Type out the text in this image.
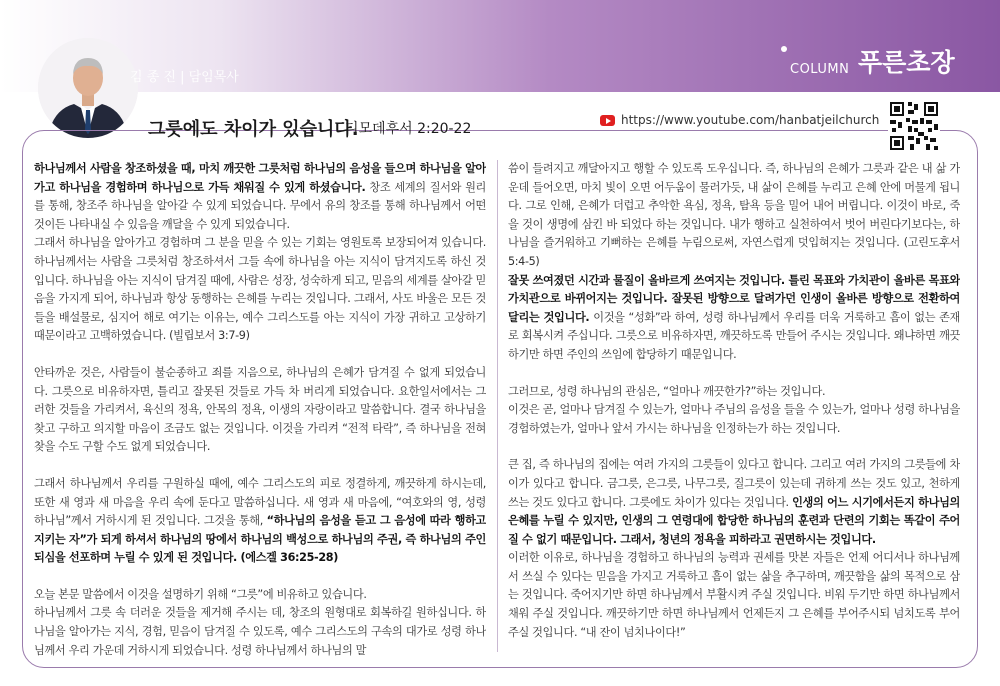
김 종 진 | 담임목사
COLUMN 푸른초장
그릇에도 차이가 있습니다.
디모데후서 2:20-22
https://www.youtube.com/hanbatjeilchurch

하나님께서 사람을 창조하셨을 때, 마치 깨끗한 그릇처럼 하나님의 음성을 들으며 하나님을 알아가고 하나님을 경험하며 하나님으로 가득 채워질 수 있게 하셨습니다. 창조 세계의 질서와 원리를 통해, 창조주 하나님을 알아갈 수 있게 되었습니다. 무에서 유의 창조를 통해 하나님께서 어떤 것이든 나타내실 수 있음을 깨달을 수 있게 되었습니다.

그래서 하나님을 알아가고 경험하며 그 분을 믿을 수 있는 기회는 영원토록 보장되어져 있습니다. 하나님께서는 사람을 그릇처럼 창조하셔서 그들 속에 하나님을 아는 지식이 담겨지도록 하신 것입니다. 하나님을 아는 지식이 담겨질 때에, 사람은 성장, 성숙하게 되고, 믿음의 세계를 살아갈 믿음을 가지게 되어, 하나님과 항상 동행하는 은혜를 누리는 것입니다. 그래서, 사도 바울은 모든 것들을 배설물로, 심지어 해로 여기는 이유는, 예수 그리스도를 아는 지식이 가장 귀하고 고상하기 때문이라고 고백하였습니다. (빌립보서 3:7-9)

안타까운 것은, 사람들이 불순종하고 죄를 지음으로, 하나님의 은혜가 담겨질 수 없게 되었습니다. 그릇으로 비유하자면, 틀리고 잘못된 것들로 가득 차 버리게 되었습니다. 요한일서에서는 그러한 것들을 가리켜서, 육신의 정욕, 안목의 정욕, 이생의 자랑이라고 말씀합니다. 결국 하나님을 찾고 구하고 의지할 마음이 조금도 없는 것입니다. 이것을 가리켜 “전적 타락”, 즉 하나님을 전혀 찾을 수도 구할 수도 없게 되었습니다.

그래서 하나님께서 우리를 구원하실 때에, 예수 그리스도의 피로 정결하게, 깨끗하게 하시는데, 또한 새 영과 새 마음을 우리 속에 둔다고 말씀하십니다. 새 영과 새 마음에, “여호와의 영, 성령 하나님”께서 거하시게 된 것입니다. 그것을 통해, “하나님의 음성을 듣고 그 음성에 따라 행하고 지키는 자”가 되게 하셔서 하나님의 땅에서 하나님의 백성으로 하나님의 주권, 즉 하나님의 주인 되심을 선포하며 누릴 수 있게 된 것입니다. (에스겔 36:25-28)

오늘 본문 말씀에서 이것을 설명하기 위해 “그릇”에 비유하고 있습니다.

하나님께서 그릇 속 더러운 것들을 제거해 주시는 데, 창조의 원형대로 회복하길 원하십니다. 하나님을 알아가는 지식, 경험, 믿음이 담겨질 수 있도록, 예수 그리스도의 구속의 대가로 성령 하나님께서 우리 가운데 거하시게 되었습니다. 성령 하나님께서 하나님의 말

씀이 들려지고 깨달아지고 행할 수 있도록 도우십니다. 즉, 하나님의 은혜가 그릇과 같은 내 삶 가운데 들어오면, 마치 빛이 오면 어두움이 물러가듯, 내 삶이 은혜를 누리고 은혜 안에 머물게 됩니다. 그로 인해, 은혜가 더럽고 추악한 욕심, 정욕, 탐욕 등을 밀어 내어 버립니다. 이것이 바로, 죽을 것이 생명에 삼킨 바 되었다 하는 것입니다. 내가 행하고 실천하여서 벗어 버린다기보다는, 하나님을 즐거워하고 기뻐하는 은혜를 누림으로써, 자연스럽게 덧입혀지는 것입니다. (고린도후서 5:4-5)

잘못 쓰여졌던 시간과 물질이 올바르게 쓰여지는 것입니다. 틀린 목표와 가치관이 올바른 목표와 가치관으로 바뀌어지는 것입니다. 잘못된 방향으로 달려가던 인생이 올바른 방향으로 전환하여 달리는 것입니다. 이것을 “성화”라 하여, 성령 하나님께서 우리를 더욱 거룩하고 흠이 없는 존재로 회복시켜 주십니다. 그릇으로 비유하자면, 깨끗하도록 만들어 주시는 것입니다. 왜냐하면 깨끗하기만 하면 주인의 쓰임에 합당하기 때문입니다.

그러므로, 성령 하나님의 관심은, “얼마나 깨끗한가?”하는 것입니다.

이것은 곧, 얼마나 담겨질 수 있는가, 얼마나 주님의 음성을 들을 수 있는가, 얼마나 성령 하나님을 경험하였는가, 얼마나 앞서 가시는 하나님을 인정하는가 하는 것입니다.

큰 집, 즉 하나님의 집에는 여러 가지의 그릇들이 있다고 합니다. 그리고 여러 가지의 그릇들에 차이가 있다고 합니다. 금그릇, 은그릇, 나무그릇, 질그릇이 있는데 귀하게 쓰는 것도 있고, 천하게 쓰는 것도 있다고 합니다. 그릇에도 차이가 있다는 것입니다. 인생의 어느 시기에서든지 하나님의 은혜를 누릴 수 있지만, 인생의 그 연령대에 합당한 하나님의 훈련과 단련의 기회는 똑같이 주어질 수 없기 때문입니다. 그래서, 청년의 정욕을 피하라고 권면하시는 것입니다.

이러한 이유로, 하나님을 경험하고 하나님의 능력과 권세를 맛본 자들은 언제 어디서나 하나님께서 쓰실 수 있다는 믿음을 가지고 거룩하고 흠이 없는 삶을 추구하며, 깨끗함을 삶의 목적으로 삼는 것입니다. 죽어지기만 하면 하나님께서 부활시켜 주실 것입니다. 비워 두기만 하면 하나님께서 채워 주실 것입니다. 깨끗하기만 하면 하나님께서 언제든지 그 은혜를 부어주시되 넘치도록 부어주실 것입니다. “내 잔이 넘치나이다!”
